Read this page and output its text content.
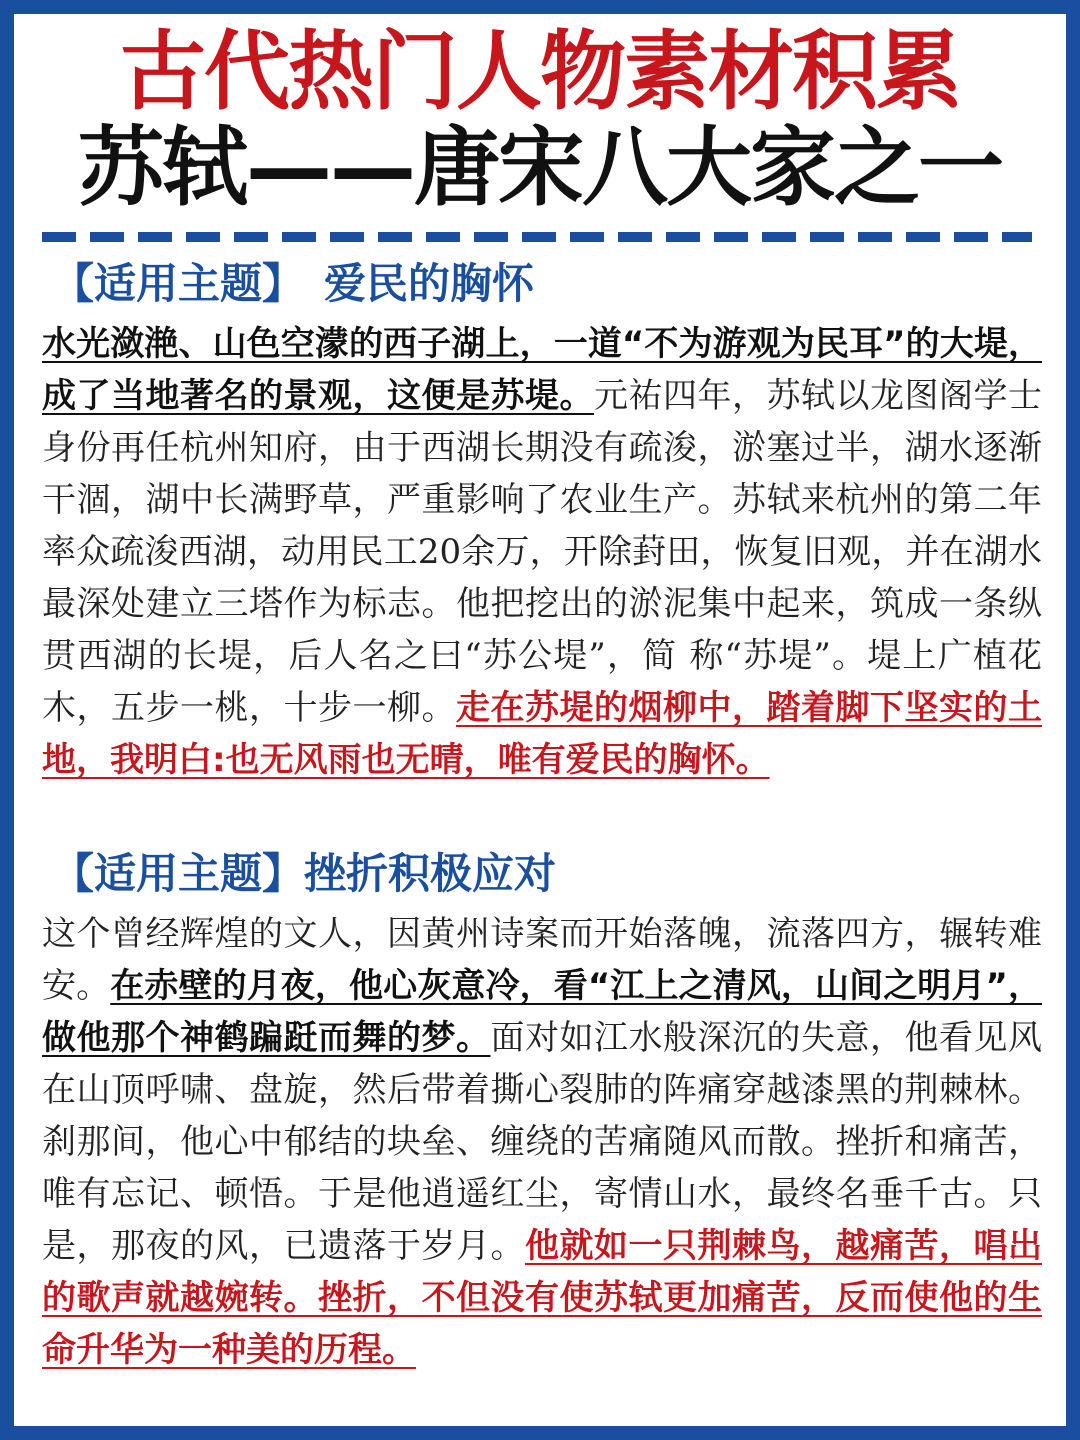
古代热门人物素材积累
苏轼——唐宋八大家之一
【适用主题】 爱民的胸怀

水光潋滟、山色空濛的西子湖上，一道“不为游观为民耳”的大堤，成了当地著名的景观，这便是苏堤。元祐四年，苏轼以龙图阁学士身份再任杭州知府，由于西湖长期没有疏浚，淤塞过半，湖水逐渐干涸，湖中长满野草，严重影响了农业生产。苏轼来杭州的第二年率众疏浚西湖，动用民工20余万，开除葑田，恢复旧观，并在湖水最深处建立三塔作为标志。他把挖出的淤泥集中起来，筑成一条纵贯西湖的长堤，后人名之曰“苏公堤”，简 称“苏堤”。堤上广植花木，五步一桃，十步一柳。走在苏堤的烟柳中，踏着脚下坚实的土地，我明白:也无风雨也无晴，唯有爱民的胸怀。

【适用主题】挫折积极应对

这个曾经辉煌的文人，因黄州诗案而开始落魄，流落四方，辗转难安。在赤壁的月夜，他心灰意冷，看“江上之清风，山间之明月”，做他那个神鹤蹁跹而舞的梦。面对如江水般深沉的失意，他看见风在山顶呼啸、盘旋，然后带着撕心裂肺的阵痛穿越漆黑的荆棘林。刹那间，他心中郁结的块垒、缠绕的苦痛随风而散。挫折和痛苦，唯有忘记、顿悟。于是他逍遥红尘，寄情山水，最终名垂千古。只是，那夜的风，已遗落于岁月。他就如一只荆棘鸟，越痛苦，唱出的歌声就越婉转。挫折，不但没有使苏轼更加痛苦，反而使他的生命升华为一种美的历程。
